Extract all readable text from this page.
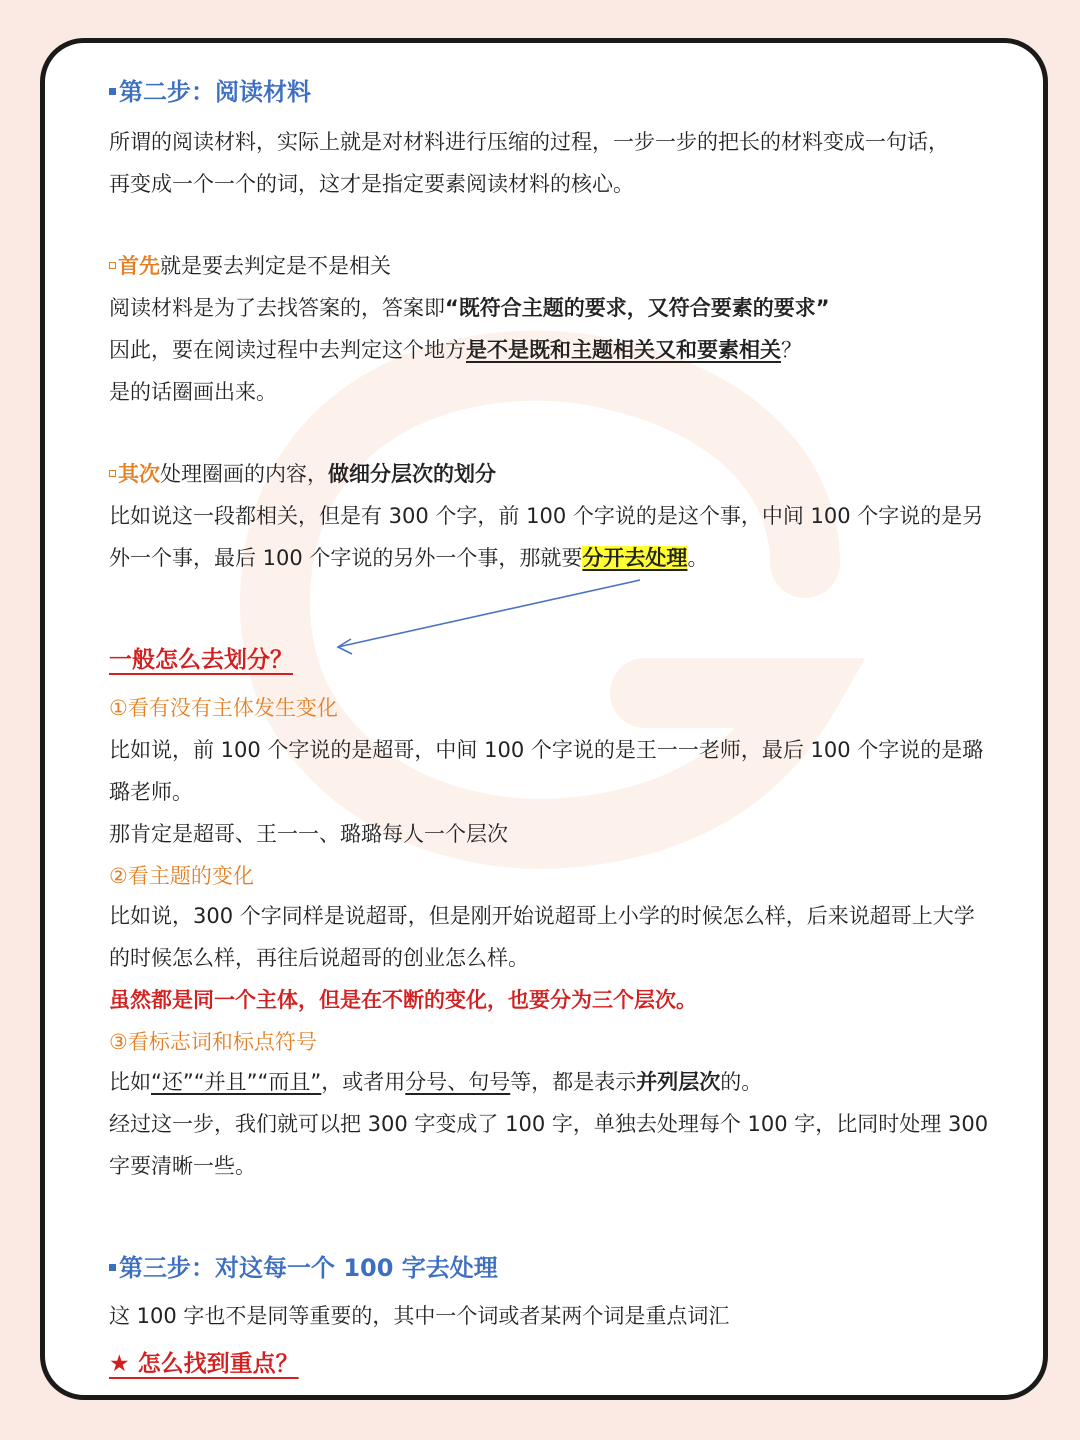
第二步：阅读材料
所谓的阅读材料，实际上就是对材料进行压缩的过程，一步一步的把长的材料变成一句话，
再变成一个一个的词，这才是指定要素阅读材料的核心。
首先就是要去判定是不是相关
阅读材料是为了去找答案的，答案即“既符合主题的要求，又符合要素的要求”
因此，要在阅读过程中去判定这个地方是不是既和主题相关又和要素相关？
是的话圈画出来。
其次处理圈画的内容，做细分层次的划分
比如说这一段都相关，但是有 300 个字，前 100 个字说的是这个事，中间 100 个字说的是另
外一个事，最后 100 个字说的另外一个事，那就要分开去处理。
一般怎么去划分？
①看有没有主体发生变化
比如说，前 100 个字说的是超哥，中间 100 个字说的是王一一老师，最后 100 个字说的是璐
璐老师。
那肯定是超哥、王一一、璐璐每人一个层次
②看主题的变化
比如说，300 个字同样是说超哥，但是刚开始说超哥上小学的时候怎么样，后来说超哥上大学
的时候怎么样，再往后说超哥的创业怎么样。
虽然都是同一个主体，但是在不断的变化，也要分为三个层次。
③看标志词和标点符号
比如“还”“并且”“而且”，或者用分号、句号等，都是表示并列层次的。
经过这一步，我们就可以把 300 字变成了 100 字，单独去处理每个 100 字，比同时处理 300
字要清晰一些。
第三步：对这每一个 100 字去处理
这 100 字也不是同等重要的，其中一个词或者某两个词是重点词汇
★ 怎么找到重点？
